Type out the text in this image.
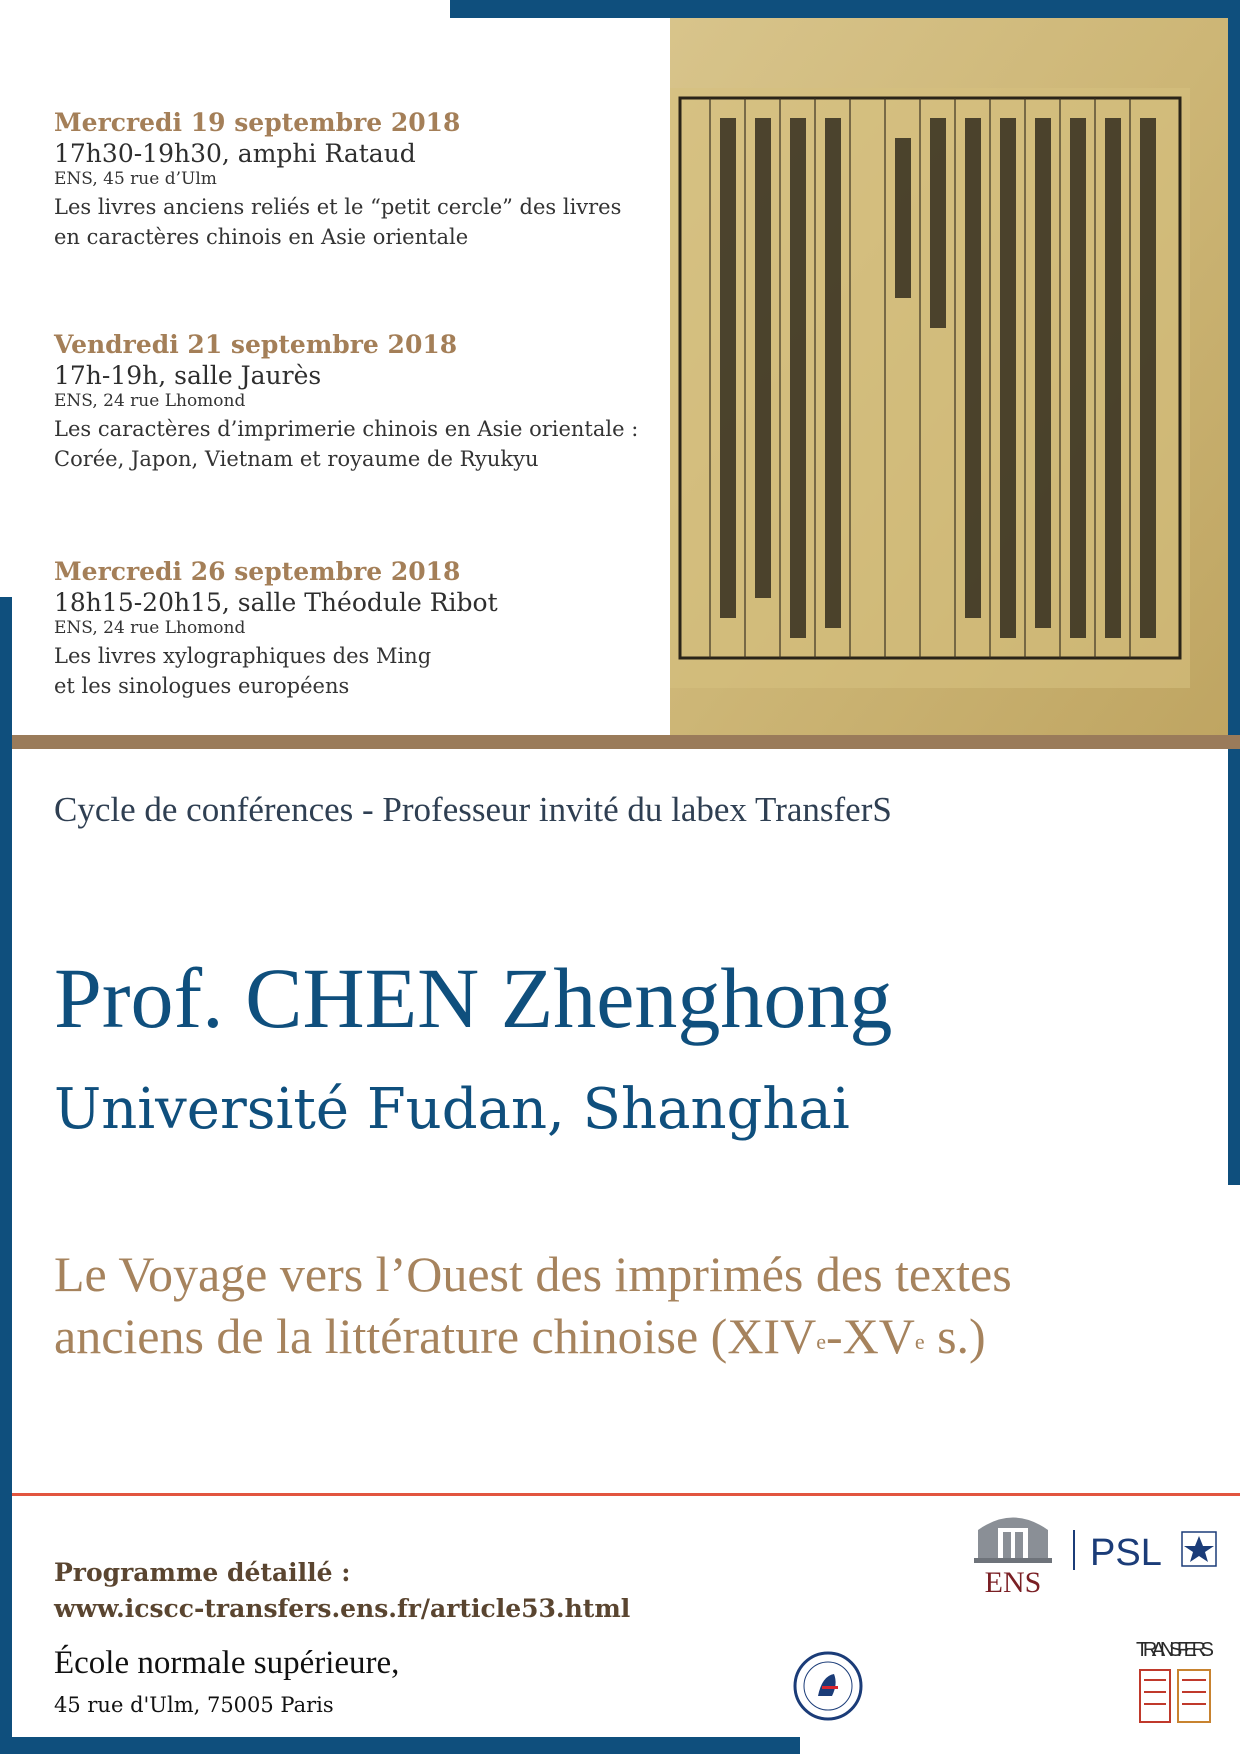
Mercredi 19 septembre 2018

17h30-19h30, amphi Rataud

ENS, 45 rue d’Ulm

Les livres anciens reliés et le “petit cercle” des livres

en caractères chinois en Asie orientale

Vendredi 21 septembre 2018

17h-19h, salle Jaurès

ENS, 24 rue Lhomond

Les caractères d’imprimerie chinois en Asie orientale :

Corée, Japon, Vietnam et royaume de Ryukyu

Mercredi 26 septembre 2018

18h15-20h15, salle Théodule Ribot

ENS, 24 rue Lhomond

Les livres xylographiques des Ming

et les sinologues européens

Cycle de conférences - Professeur invité du labex TransferS
Prof. CHEN Zhenghong
Université Fudan, Shanghai
Le Voyage vers l’Ouest des imprimés des textes
anciens de la littérature chinoise (XIVe-XVe s.)
Programme détaillé :
www.icscc-transfers.ens.fr/article53.html
École normale supérieure,
45 rue d'Ulm, 75005 Paris
ENS
PSL
TRANSFERS
